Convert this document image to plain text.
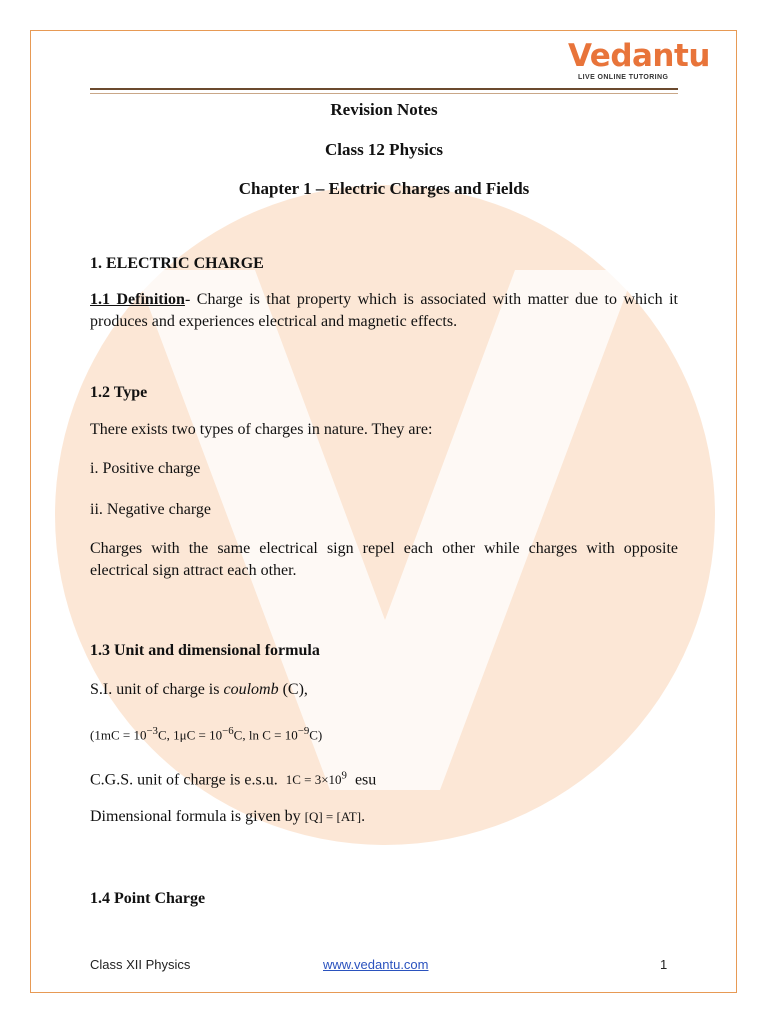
Vedantu
LIVE ONLINE TUTORING
Revision Notes
Class 12 Physics
Chapter 1 – Electric Charges and Fields

1. ELECTRIC CHARGE

1.1 Definition- Charge is that property which is associated with matter due to which it produces and experiences electrical and magnetic effects.

1.2 Type

There exists two types of charges in nature. They are:

i. Positive charge

ii. Negative charge

Charges with the same electrical sign repel each other while charges with opposite electrical sign attract each other.

1.3 Unit and dimensional formula

S.I. unit of charge is coulomb (C),

($1mC = 10^{-3}C$, $1\mu C = 10^{-6}C$, $\ln C = 10^{-9}C$)

C.G.S. unit of charge is e.s.u. $1C = 3\times 10^9$ esu

Dimensional formula is given by [Q] = [AT].

1.4 Point Charge

Class XII Physics	www.vedantu.com	1
